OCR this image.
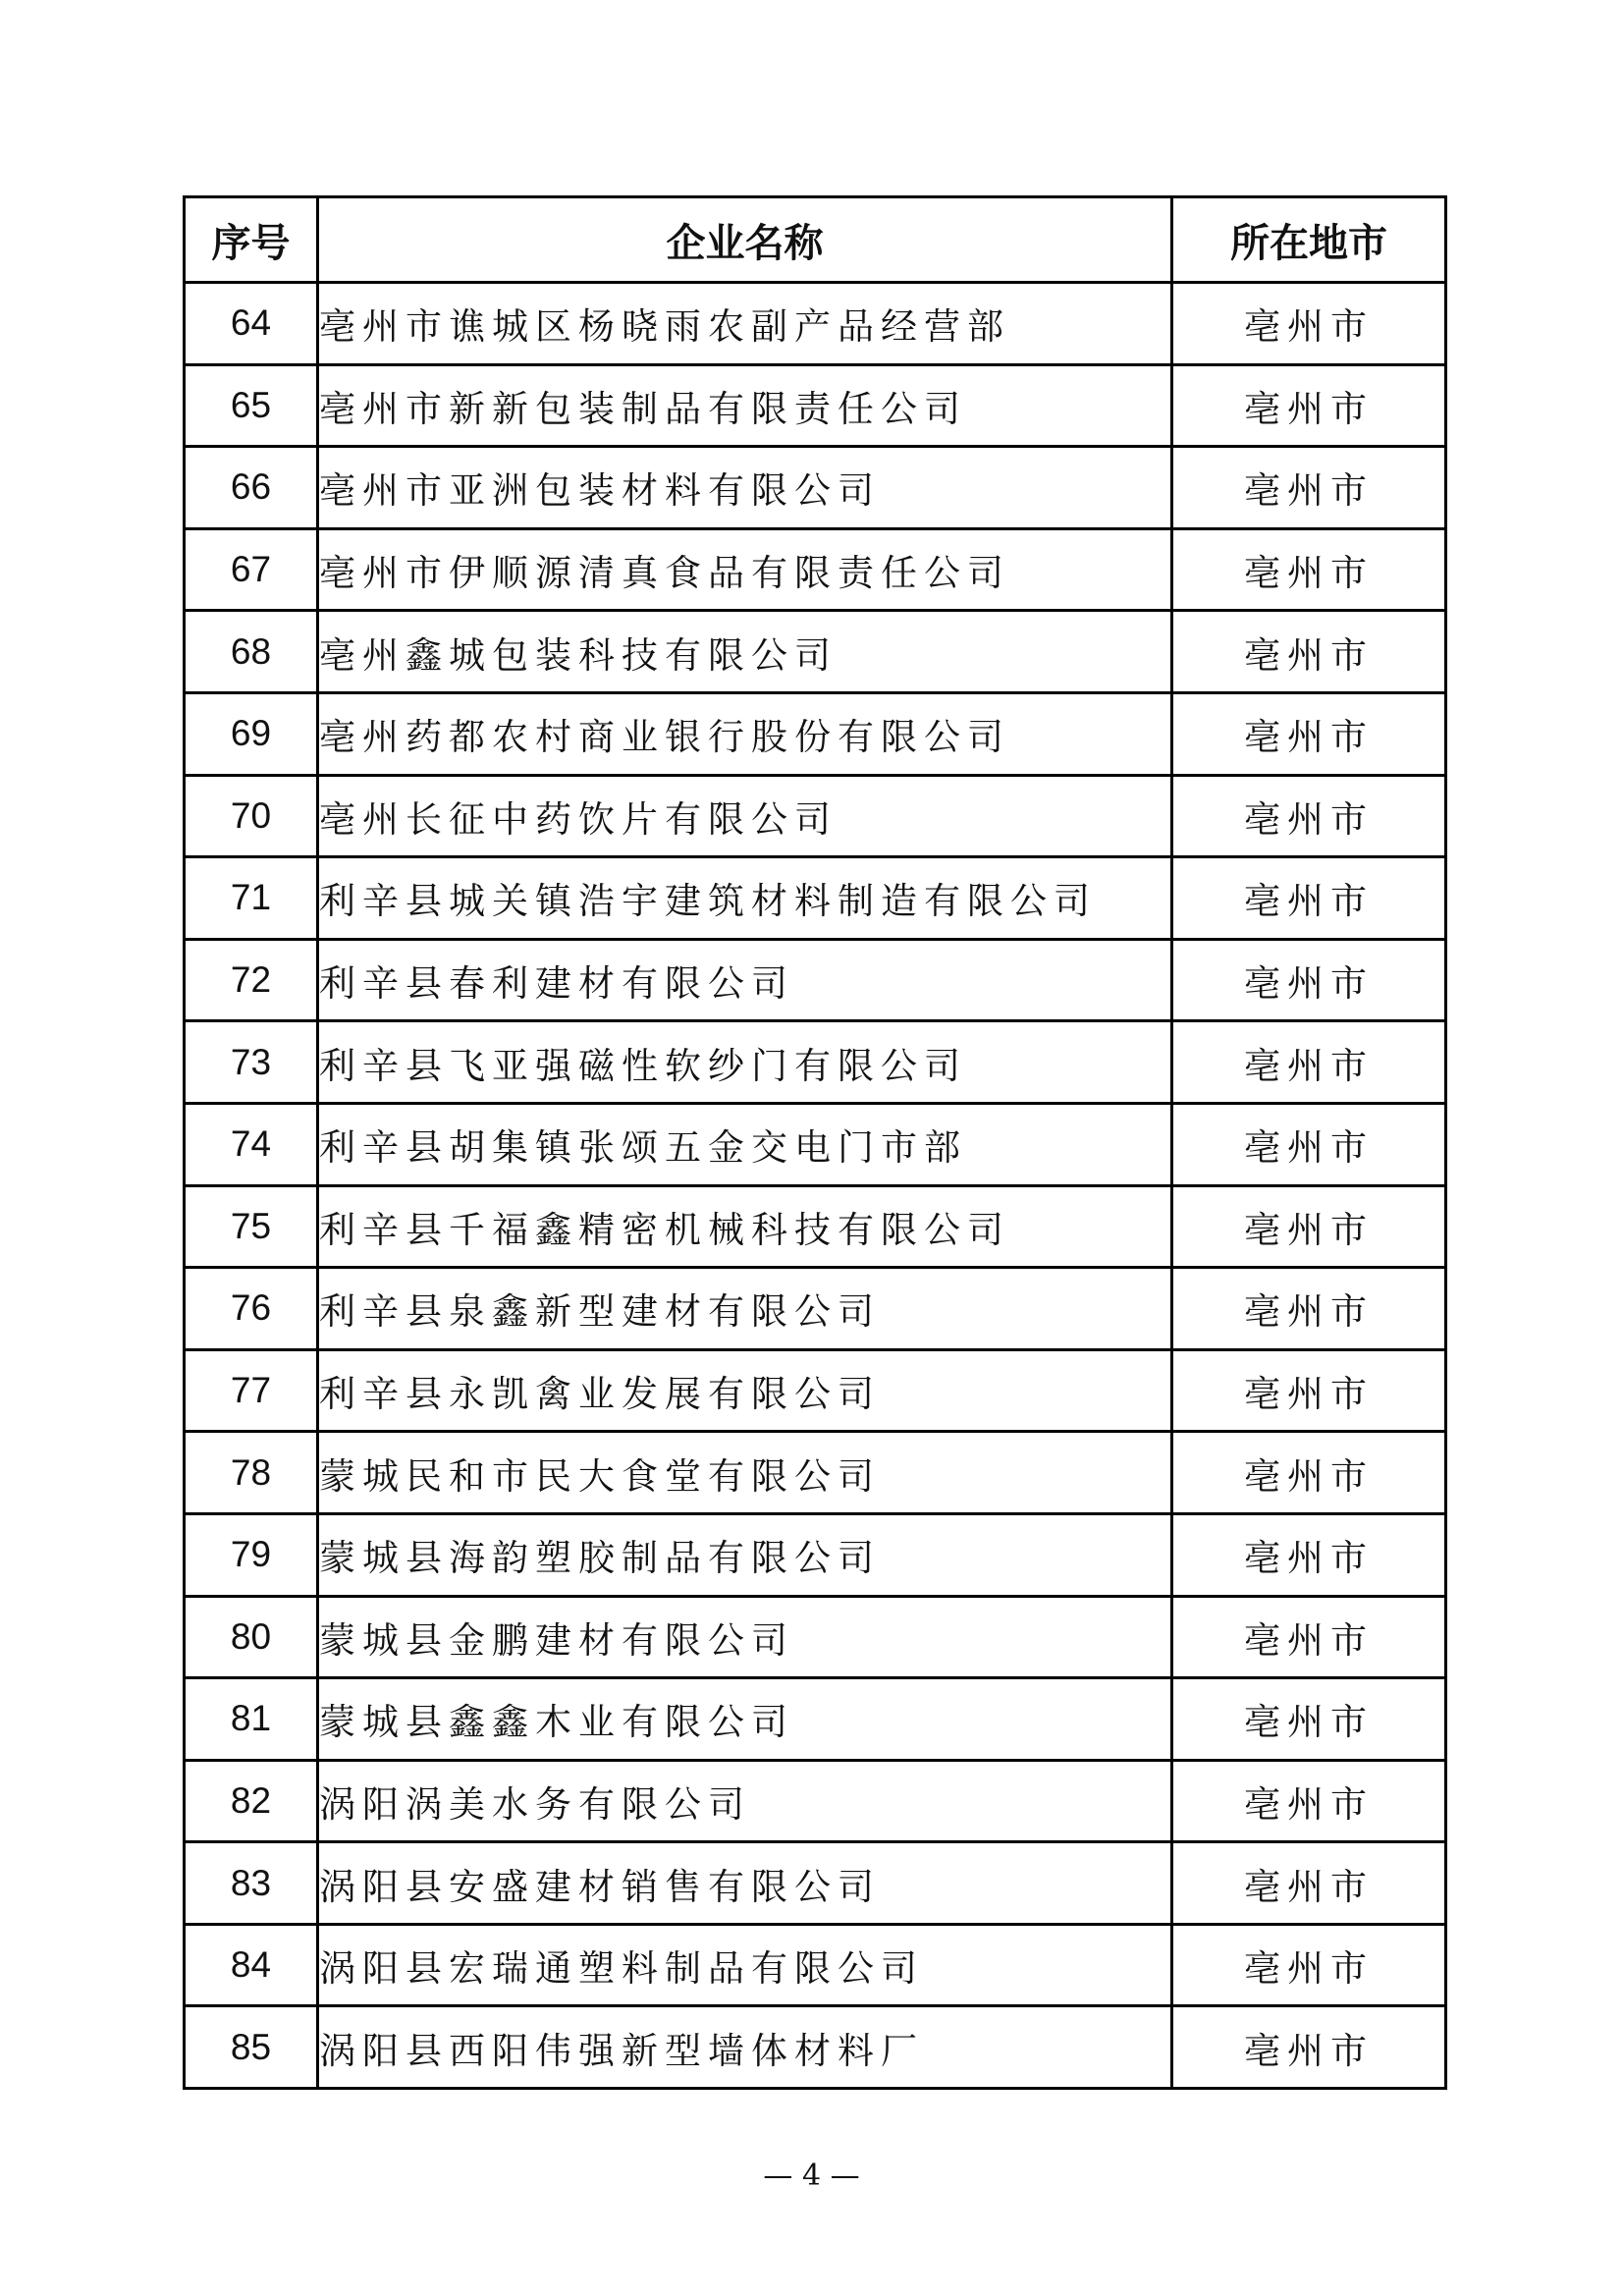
序号	企业名称	所在地市
64	亳州市谯城区杨晓雨农副产品经营部	亳州市
65	亳州市新新包装制品有限责任公司	亳州市
66	亳州市亚洲包装材料有限公司	亳州市
67	亳州市伊顺源清真食品有限责任公司	亳州市
68	亳州鑫城包装科技有限公司	亳州市
69	亳州药都农村商业银行股份有限公司	亳州市
70	亳州长征中药饮片有限公司	亳州市
71	利辛县城关镇浩宇建筑材料制造有限公司	亳州市
72	利辛县春利建材有限公司	亳州市
73	利辛县飞亚强磁性软纱门有限公司	亳州市
74	利辛县胡集镇张颂五金交电门市部	亳州市
75	利辛县千福鑫精密机械科技有限公司	亳州市
76	利辛县泉鑫新型建材有限公司	亳州市
77	利辛县永凯禽业发展有限公司	亳州市
78	蒙城民和市民大食堂有限公司	亳州市
79	蒙城县海韵塑胶制品有限公司	亳州市
80	蒙城县金鹏建材有限公司	亳州市
81	蒙城县鑫鑫木业有限公司	亳州市
82	涡阳涡美水务有限公司	亳州市
83	涡阳县安盛建材销售有限公司	亳州市
84	涡阳县宏瑞通塑料制品有限公司	亳州市
85	涡阳县西阳伟强新型墙体材料厂	亳州市
— 4 —
